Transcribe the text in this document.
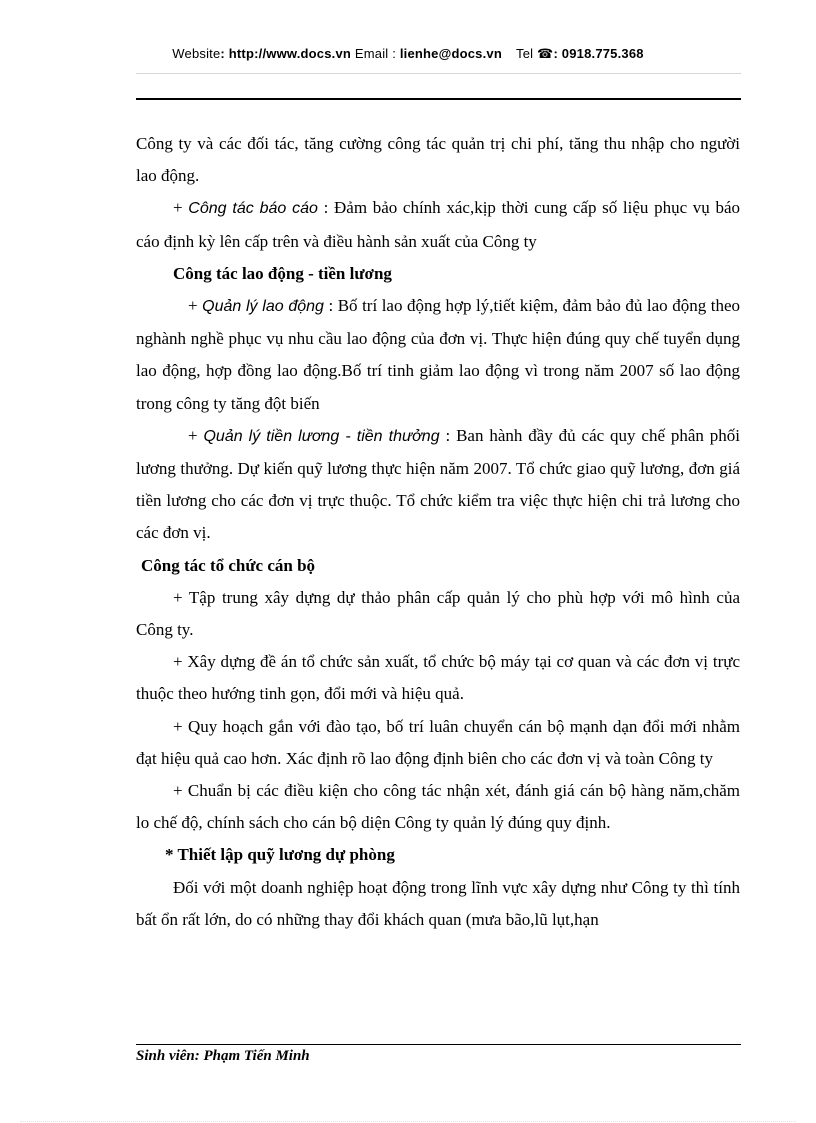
Website: http://www.docs.vn Email : lienhe@docs.vn Tel ☎: 0918.775.368

Công ty và các đối tác, tăng cường công tác quản trị chi phí, tăng thu nhập cho người lao động.

+ Công tác báo cáo : Đảm bảo chính xác,kịp thời cung cấp số liệu phục vụ báo cáo định kỳ lên cấp trên và điều hành sản xuất của Công ty

Công tác lao động - tiền lương

+ Quản lý lao động : Bố trí lao động hợp lý,tiết kiệm, đảm bảo đủ lao động theo nghành nghề phục vụ nhu cầu lao động của đơn vị. Thực hiện đúng quy chế tuyển dụng lao động, hợp đồng lao động.Bố trí tinh giảm lao động vì trong năm 2007 số lao động trong công ty tăng đột biến

+ Quản lý tiền lương - tiền thưởng : Ban hành đầy đủ các quy chế phân phối lương thưởng. Dự kiến quỹ lương thực hiện năm 2007. Tổ chức giao quỹ lương, đơn giá tiền lương cho các đơn vị trực thuộc. Tổ chức kiểm tra việc thực hiện chi trả lương cho các đơn vị.

Công tác tổ chức cán bộ

+ Tập trung xây dựng dự thảo phân cấp quản lý cho phù hợp với mô hình của Công ty.

+ Xây dựng đề án tổ chức sản xuất, tổ chức bộ máy tại cơ quan và các đơn vị trực thuộc theo hướng tinh gọn, đổi mới và hiệu quả.

+ Quy hoạch gắn với đào tạo, bố trí luân chuyển cán bộ mạnh dạn đổi mới nhằm đạt hiệu quả cao hơn. Xác định rõ lao động định biên cho các đơn vị và toàn Công ty

+ Chuẩn bị các điều kiện cho công tác nhận xét, đánh giá cán bộ hàng năm,chăm lo chế độ, chính sách cho cán bộ diện Công ty quản lý đúng quy định.

* Thiết lập quỹ lương dự phòng

Đối với một doanh nghiệp hoạt động trong lĩnh vực xây dựng như Công ty thì tính bất ổn rất lớn, do có những thay đổi khách quan (mưa bão,lũ lụt,hạn

Sinh viên: Phạm Tiến Minh
